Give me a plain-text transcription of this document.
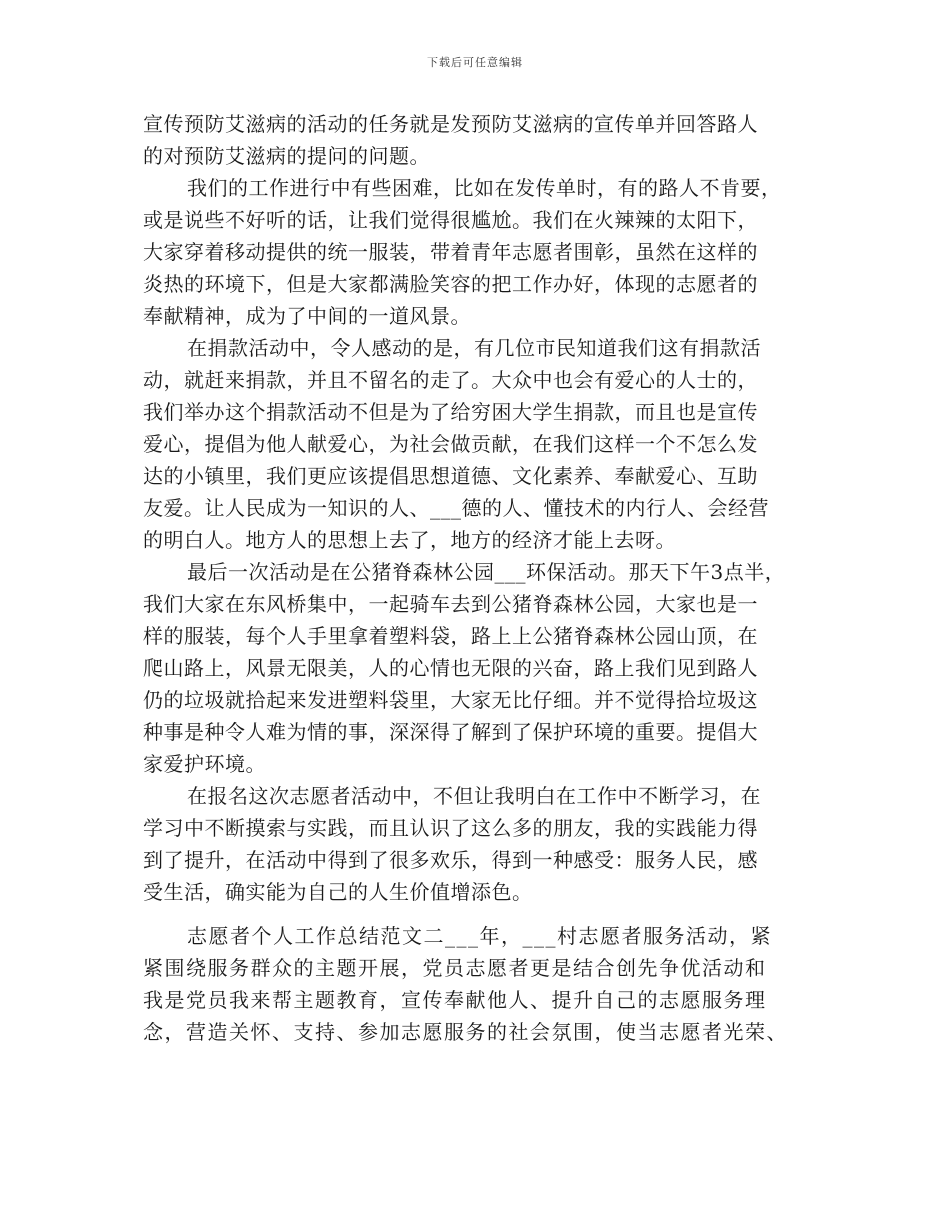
下载后可任意编辑
宣传预防艾滋病的活动的任务就是发预防艾滋病的宣传单并回答路人
的对预防艾滋病的提问的问题。
我们的工作进行中有些困难，比如在发传单时，有的路人不肯要，
或是说些不好听的话，让我们觉得很尴尬。我们在火辣辣的太阳下，
大家穿着移动提供的统一服装，带着青年志愿者围彰，虽然在这样的
炎热的环境下，但是大家都满脸笑容的把工作办好，体现的志愿者的
奉献精神，成为了中间的一道风景。
在捐款活动中，令人感动的是，有几位市民知道我们这有捐款活
动，就赶来捐款，并且不留名的走了。大众中也会有爱心的人士的，
我们举办这个捐款活动不但是为了给穷困大学生捐款，而且也是宣传
爱心，提倡为他人献爱心，为社会做贡献，在我们这样一个不怎么发
达的小镇里，我们更应该提倡思想道德、文化素养、奉献爱心、互助
友爱。让人民成为一知识的人、___德的人、懂技术的内行人、会经营
的明白人。地方人的思想上去了，地方的经济才能上去呀。
最后一次活动是在公猪脊森林公园___环保活动。那天下午3点半，
我们大家在东风桥集中，一起骑车去到公猪脊森林公园，大家也是一
样的服装，每个人手里拿着塑料袋，路上上公猪脊森林公园山顶，在
爬山路上，风景无限美，人的心情也无限的兴奋，路上我们见到路人
仍的垃圾就拾起来发进塑料袋里，大家无比仔细。并不觉得拾垃圾这
种事是种令人难为情的事，深深得了解到了保护环境的重要。提倡大
家爱护环境。
在报名这次志愿者活动中，不但让我明白在工作中不断学习，在
学习中不断摸索与实践，而且认识了这么多的朋友，我的实践能力得
到了提升，在活动中得到了很多欢乐，得到一种感受：服务人民，感
受生活，确实能为自己的人生价值增添色。
志愿者个人工作总结范文二___年，___村志愿者服务活动，紧
紧围绕服务群众的主题开展，党员志愿者更是结合创先争优活动和
我是党员我来帮主题教育，宣传奉献他人、提升自己的志愿服务理
念，营造关怀、支持、参加志愿服务的社会氛围，使当志愿者光荣、
